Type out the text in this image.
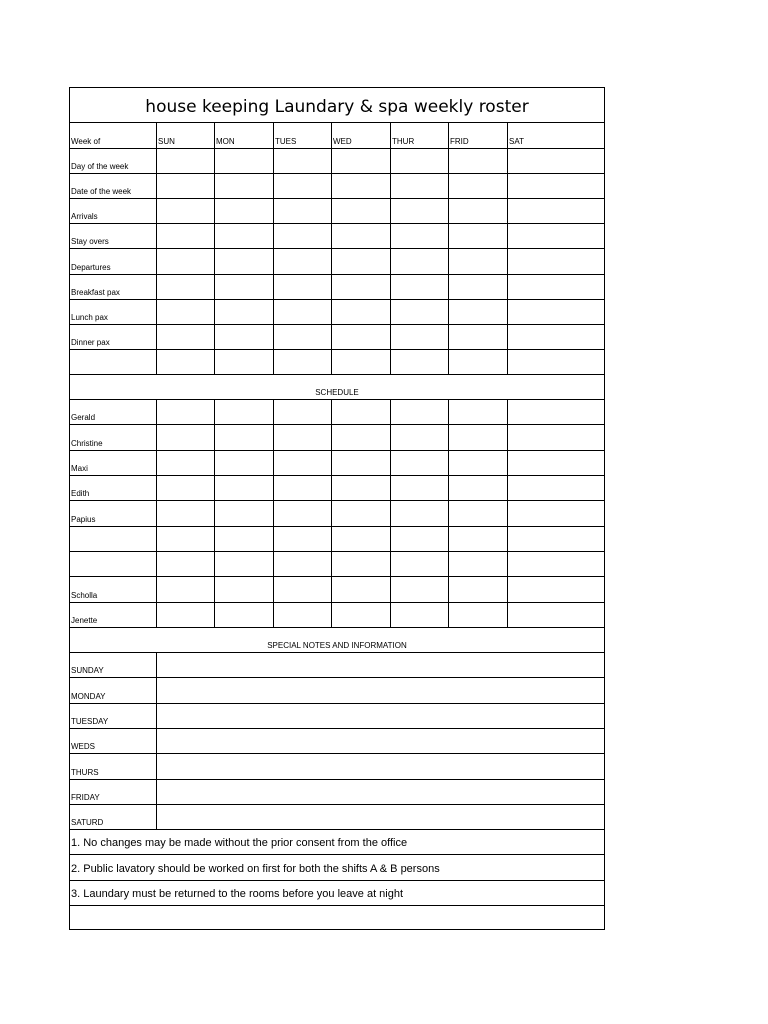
house keeping Laundary & spa weekly roster
Week of	SUN	MON	TUES	WED	THUR	FRID	SAT
Day of the week
Date of the week
Arrivals
Stay overs
Departures
Breakfast pax
Lunch pax
Dinner pax
SCHEDULE
Gerald
Christine
Maxi
Edith
Papius
Scholla
Jenette
SPECIAL NOTES AND INFORMATION
SUNDAY
MONDAY
TUESDAY
WEDS
THURS
FRIDAY
SATURD
1. No changes may be made without the prior consent from the office
2. Public lavatory should be worked on first for both the shifts A & B persons
3. Laundary must be returned to the rooms before you leave at night
